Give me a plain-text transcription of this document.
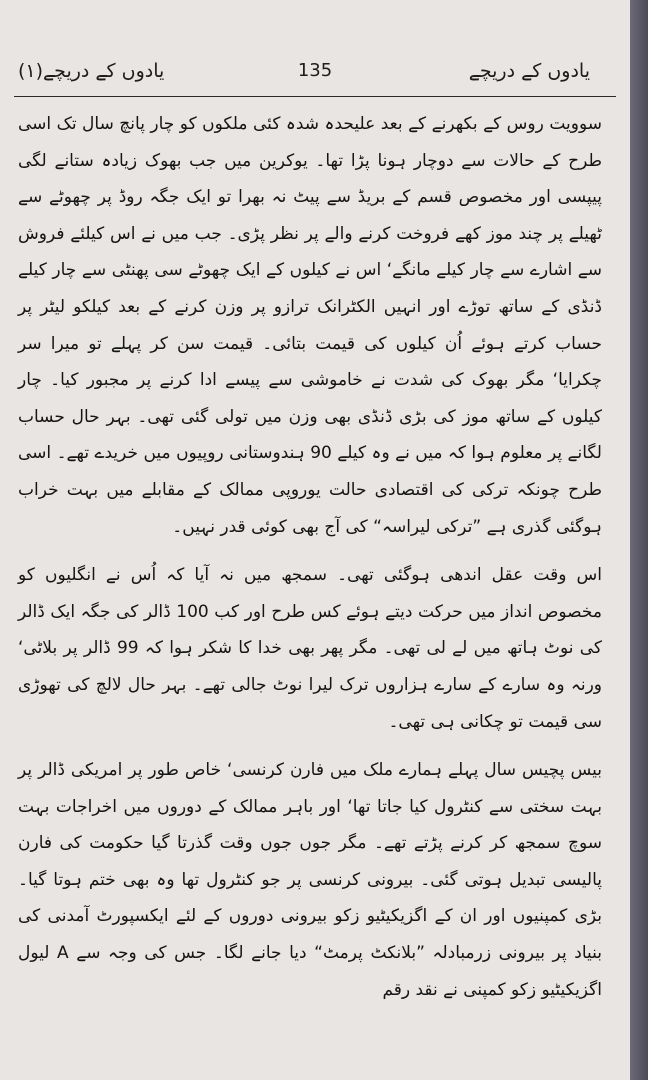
یادوں کے دریچے(۱)	135	یادوں کے دریچے

سوویت روس کے بکھرنے کے بعد علیحدہ شدہ کئی ملکوں کو چار پانچ سال تک اسی طرح کے حالات سے دوچار ہونا پڑا تھا۔ یوکرین میں جب بھوک زیادہ ستانے لگی پیپسی اور مخصوص قسم کے بریڈ سے پیٹ نہ بھرا تو ایک جگہ روڈ پر چھوٹے سے ٹھیلے پر چند موز کھے فروخت کرنے والے پر نظر پڑی۔ جب میں نے اس کیلئے فروش سے اشارے سے چار کیلے مانگے‘ اس نے کیلوں کے ایک چھوٹے سی پھنٹی سے چار کیلے ڈنڈی کے ساتھ توڑے اور انہیں الکٹرانک ترازو پر وزن کرنے کے بعد کیلکو لیٹر پر حساب کرتے ہوئے اُن کیلوں کی قیمت بتائی۔ قیمت سن کر پہلے تو میرا سر چکرایا‘ مگر بھوک کی شدت نے خاموشی سے پیسے ادا کرنے پر مجبور کیا۔ چار کیلوں کے ساتھ موز کی بڑی ڈنڈی بھی وزن میں تولی گئی تھی۔ بہر حال حساب لگانے پر معلوم ہوا کہ میں نے وہ کیلے 90 ہندوستانی روپیوں میں خریدے تھے۔ اسی طرح چونکہ ترکی کی اقتصادی حالت یوروپی ممالک کے مقابلے میں بہت خراب ہوگئی گذری ہے ”ترکی لیراسہ“ کی آج بھی کوئی قدر نہیں۔

اس وقت عقل اندھی ہوگئی تھی۔ سمجھ میں نہ آیا کہ اُس نے انگلیوں کو مخصوص انداز میں حرکت دیتے ہوئے کس طرح اور کب 100 ڈالر کی جگہ ایک ڈالر کی نوٹ ہاتھ میں لے لی تھی۔ مگر پھر بھی خدا کا شکر ہوا کہ 99 ڈالر پر بلاٹی‘ ورنہ وہ سارے کے سارے ہزاروں ترک لیرا نوٹ جالی تھے۔ بہر حال لالچ کی تھوڑی سی قیمت تو چکانی ہی تھی۔

بیس پچیس سال پہلے ہمارے ملک میں فارن کرنسی‘ خاص طور پر امریکی ڈالر پر بہت سختی سے کنٹرول کیا جاتا تھا‘ اور باہر ممالک کے دوروں میں اخراجات بہت سوچ سمجھ کر کرنے پڑتے تھے۔ مگر جوں جوں وقت گذرتا گیا حکومت کی فارن پالیسی تبدیل ہوتی گئی۔ بیرونی کرنسی پر جو کنٹرول تھا وہ بھی ختم ہوتا گیا۔ بڑی کمپنیوں اور ان کے اگزیکیٹیو زکو بیرونی دوروں کے لئے ایکسپورٹ آمدنی کی بنیاد پر بیرونی زرمبادلہ ”بلانکٹ پرمٹ“ دیا جانے لگا۔ جس کی وجہ سے A لیول اگزیکیٹیو زکو کمپنی نے نقد رقم
